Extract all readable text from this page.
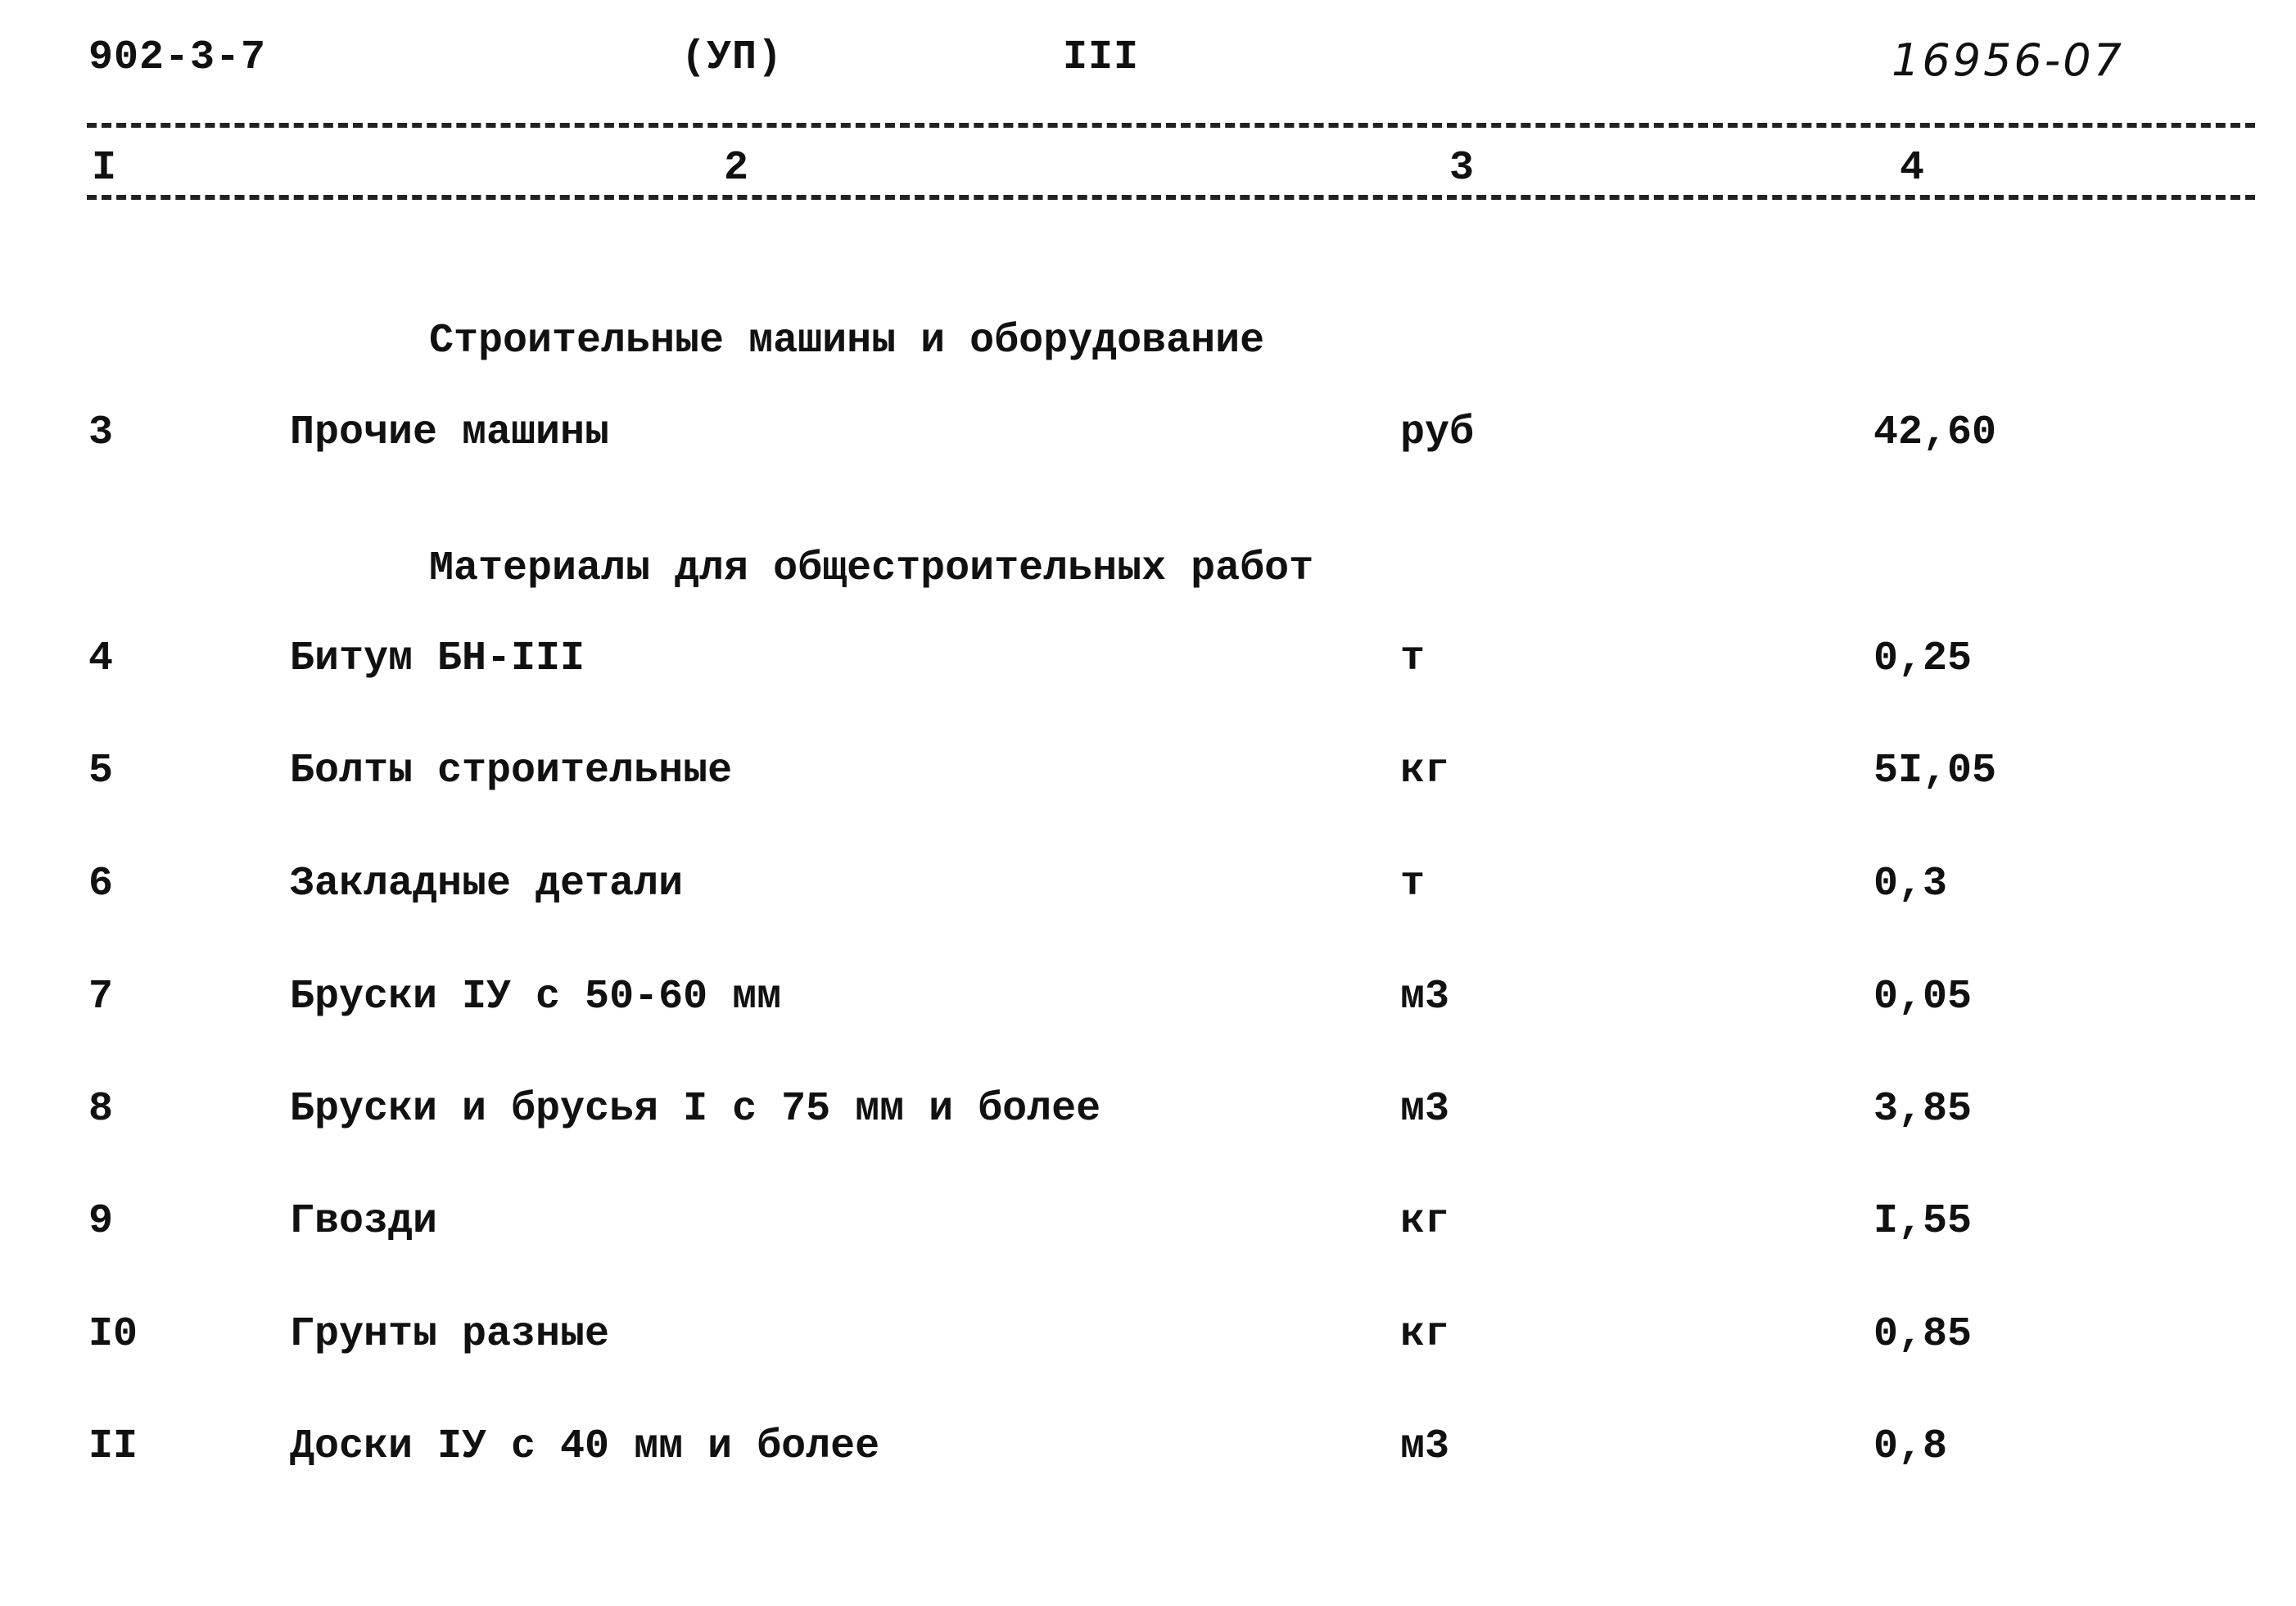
902-3-7	(УП)	III	16956-07
I	2	3	4
Строительные машины и оборудование
3	Прочие машины	руб	42,60
Материалы для общестроительных работ
4	Битум БН-III	т	0,25
5	Болты строительные	кг	5I,05
6	Закладные детали	т	0,3
7	Бруски IУ с 50-60 мм	м3	0,05
8	Бруски и брусья I с 75 мм и более	м3	3,85
9	Гвозди	кг	I,55
I0	Грунты разные	кг	0,85
II	Доски IУ с 40 мм и более	м3	0,8
